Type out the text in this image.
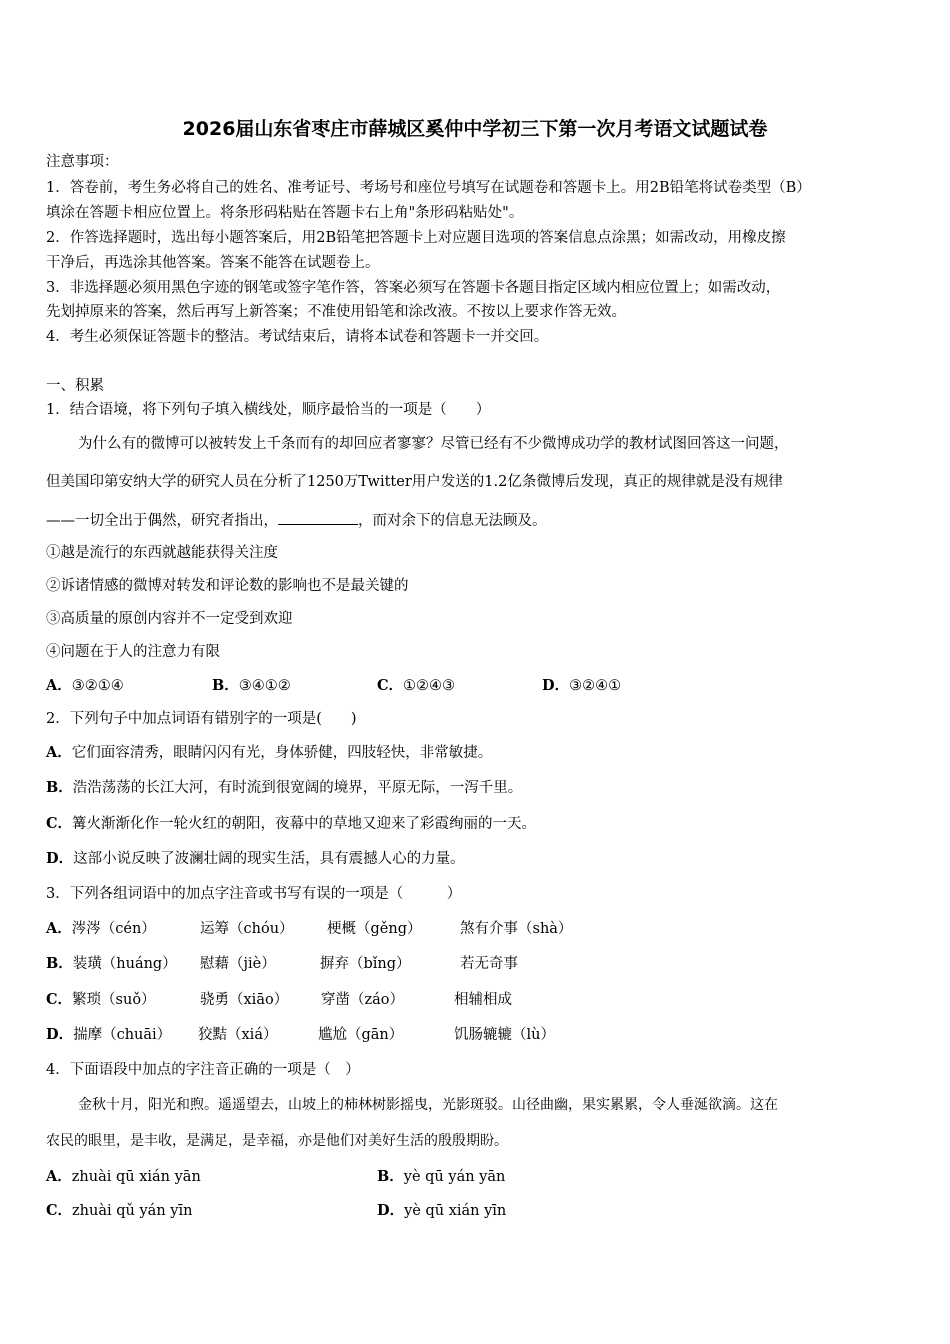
2026届山东省枣庄市薛城区奚仲中学初三下第一次月考语文试题试卷
注意事项：
1．答卷前，考生务必将自己的姓名、准考证号、考场号和座位号填写在试题卷和答题卡上。用2B铅笔将试卷类型（B）
填涂在答题卡相应位置上。将条形码粘贴在答题卡右上角"条形码粘贴处"。
2．作答选择题时，选出每小题答案后，用2B铅笔把答题卡上对应题目选项的答案信息点涂黑；如需改动，用橡皮擦
干净后，再选涂其他答案。答案不能答在试题卷上。
3．非选择题必须用黑色字迹的钢笔或签字笔作答，答案必须写在答题卡各题目指定区域内相应位置上；如需改动，
先划掉原来的答案，然后再写上新答案；不准使用铅笔和涂改液。不按以上要求作答无效。
4．考生必须保证答题卡的整洁。考试结束后，请将本试卷和答题卡一并交回。
一、积累
1．结合语境，将下列句子填入横线处，顺序最恰当的一项是（　　）
为什么有的微博可以被转发上千条而有的却回应者寥寥？尽管已经有不少微博成功学的教材试图回答这一问题，
但美国印第安纳大学的研究人员在分析了1250万Twitter用户发送的1.2亿条微博后发现，真正的规律就是没有规律
——一切全出于偶然，研究者指出，	，而对余下的信息无法顾及。
①越是流行的东西就越能获得关注度
②诉诸情感的微博对转发和评论数的影响也不是最关键的
③高质量的原创内容并不一定受到欢迎
④问题在于人的注意力有限
A．③②①④	B．③④①②	C．①②④③	D．③②④①
2．下列句子中加点词语有错别字的一项是(　　)
A．它们面容清秀，眼睛闪闪有光，身体骄健，四肢轻快，非常敏捷。
B．浩浩荡荡的长江大河，有时流到很宽阔的境界，平原无际，一泻千里。
C．篝火渐渐化作一轮火红的朝阳，夜幕中的草地又迎来了彩霞绚丽的一天。
D．这部小说反映了波澜壮阔的现实生活，具有震撼人心的力量。
3．下列各组词语中的加点字注音或书写有误的一项是（　　　）
A．涔涔（cén）	运筹（chóu） 梗概（gěng）	煞有介事（shà）
B．装璜（huáng） 慰藉（jiè）	摒弃（bǐng）	若无奇事
C．繁琐（suǒ）	骁勇（xiāo） 穿凿（záo）	相辅相成
D．揣摩（chuāi） 狡黠（xiá）	尴尬（gān）	饥肠辘辘（lù）
4．下面语段中加点的字注音正确的一项是（　）
金秋十月，阳光和煦。遥遥望去，山坡上的柿林树影摇曳，光影斑驳。山径曲幽，果实累累，令人垂涎欲滴。这在
农民的眼里，是丰收，是满足，是幸福，亦是他们对美好生活的殷殷期盼。
A．zhuài qū xián yān	B．yè qū yán yān
C．zhuài qǔ yán yīn	D．yè qū xián yīn
